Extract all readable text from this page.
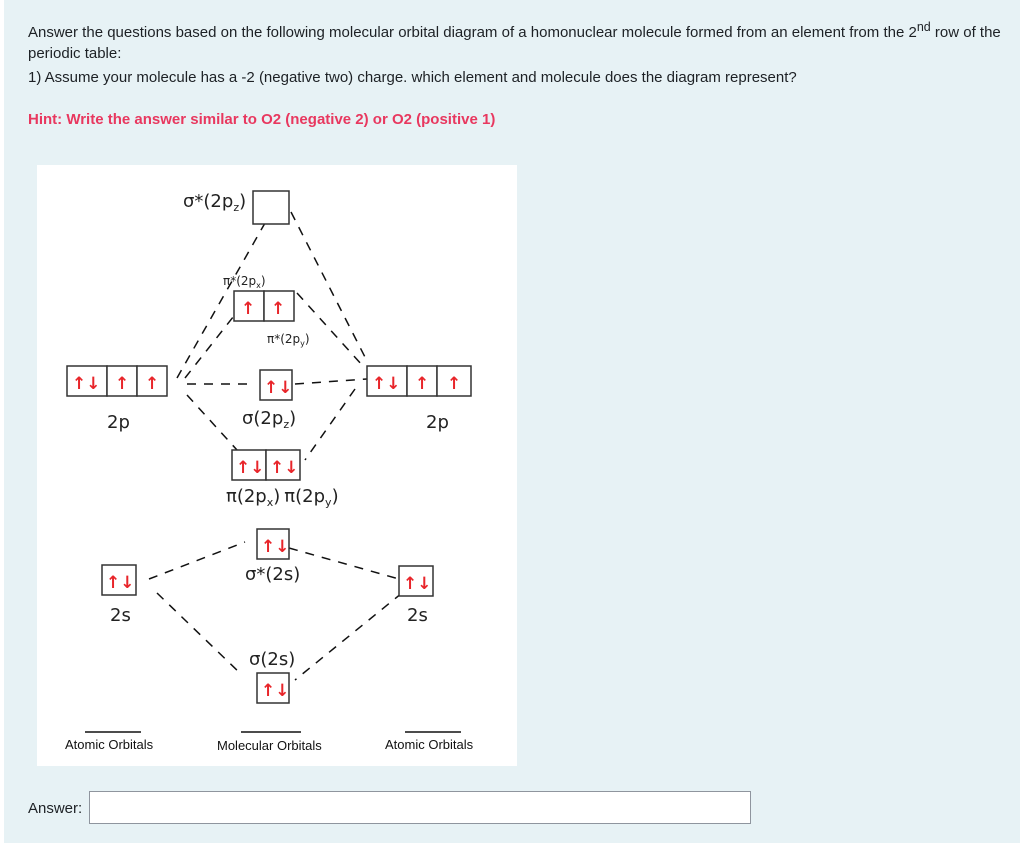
Answer the questions based on the following molecular orbital diagram of a homonuclear molecule formed from an element from the 2nd row of the periodic table:
1) Assume your molecule has a -2 (negative two) charge. which element and molecule does the diagram represent?
Hint: Write the answer similar to O2 (negative 2) or O2 (positive 1)
$\sigma*(2p_z)$
$\pi*(2p_x)$
↑ ↑
$\pi*(2p_y)$
↑↓ ↑ ↑
2p
↑↓
$\sigma(2p_z)$
↑↓ ↑ ↑
2p
↑↓ ↑↓
$\pi(2p_x)$ $\pi(2p_y)$
↑↓
σ*(2s)
↑↓
2s
↑↓
2s
σ(2s)
↑↓
Atomic Orbitals	Molecular Orbitals	Atomic Orbitals
Answer:
